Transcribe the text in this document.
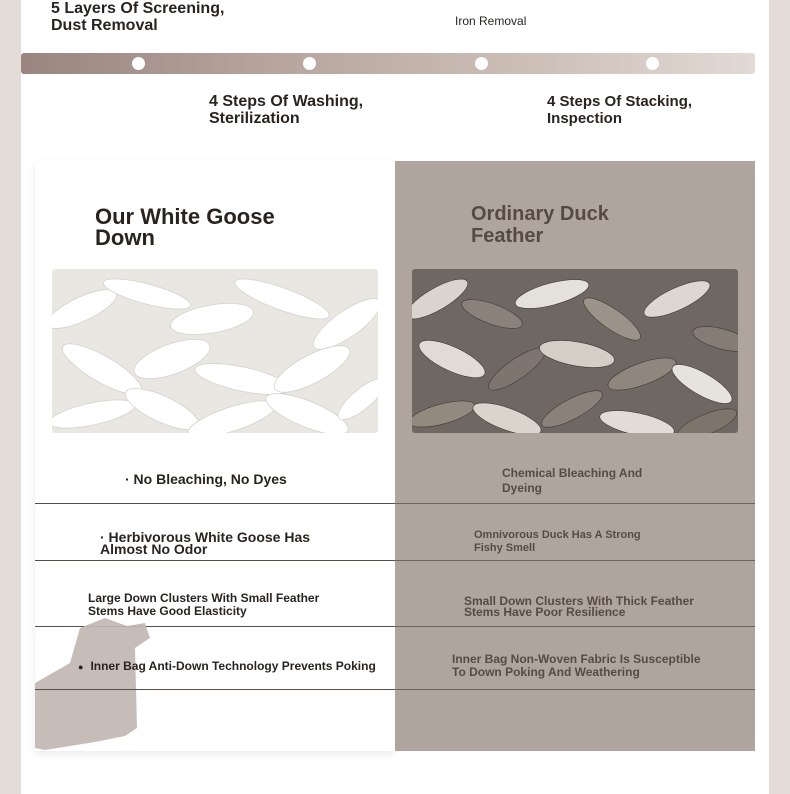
5 Layers Of Screening, Dust Removal	Iron Removal
4 Steps Of Washing, Sterilization
4 Steps Of Stacking, Inspection
Our White Goose Down
· No Bleaching, No Dyes
· Herbivorous White Goose Has Almost No Odor
Large Down Clusters With Small Feather Stems Have Good Elasticity
● Inner Bag Anti-Down Technology Prevents Poking
Ordinary Duck Feather
Chemical Bleaching And Dyeing
Omnivorous Duck Has A Strong Fishy Smell
Small Down Clusters With Thick Feather Stems Have Poor Resilience
Inner Bag Non-Woven Fabric Is Susceptible To Down Poking And Weathering
